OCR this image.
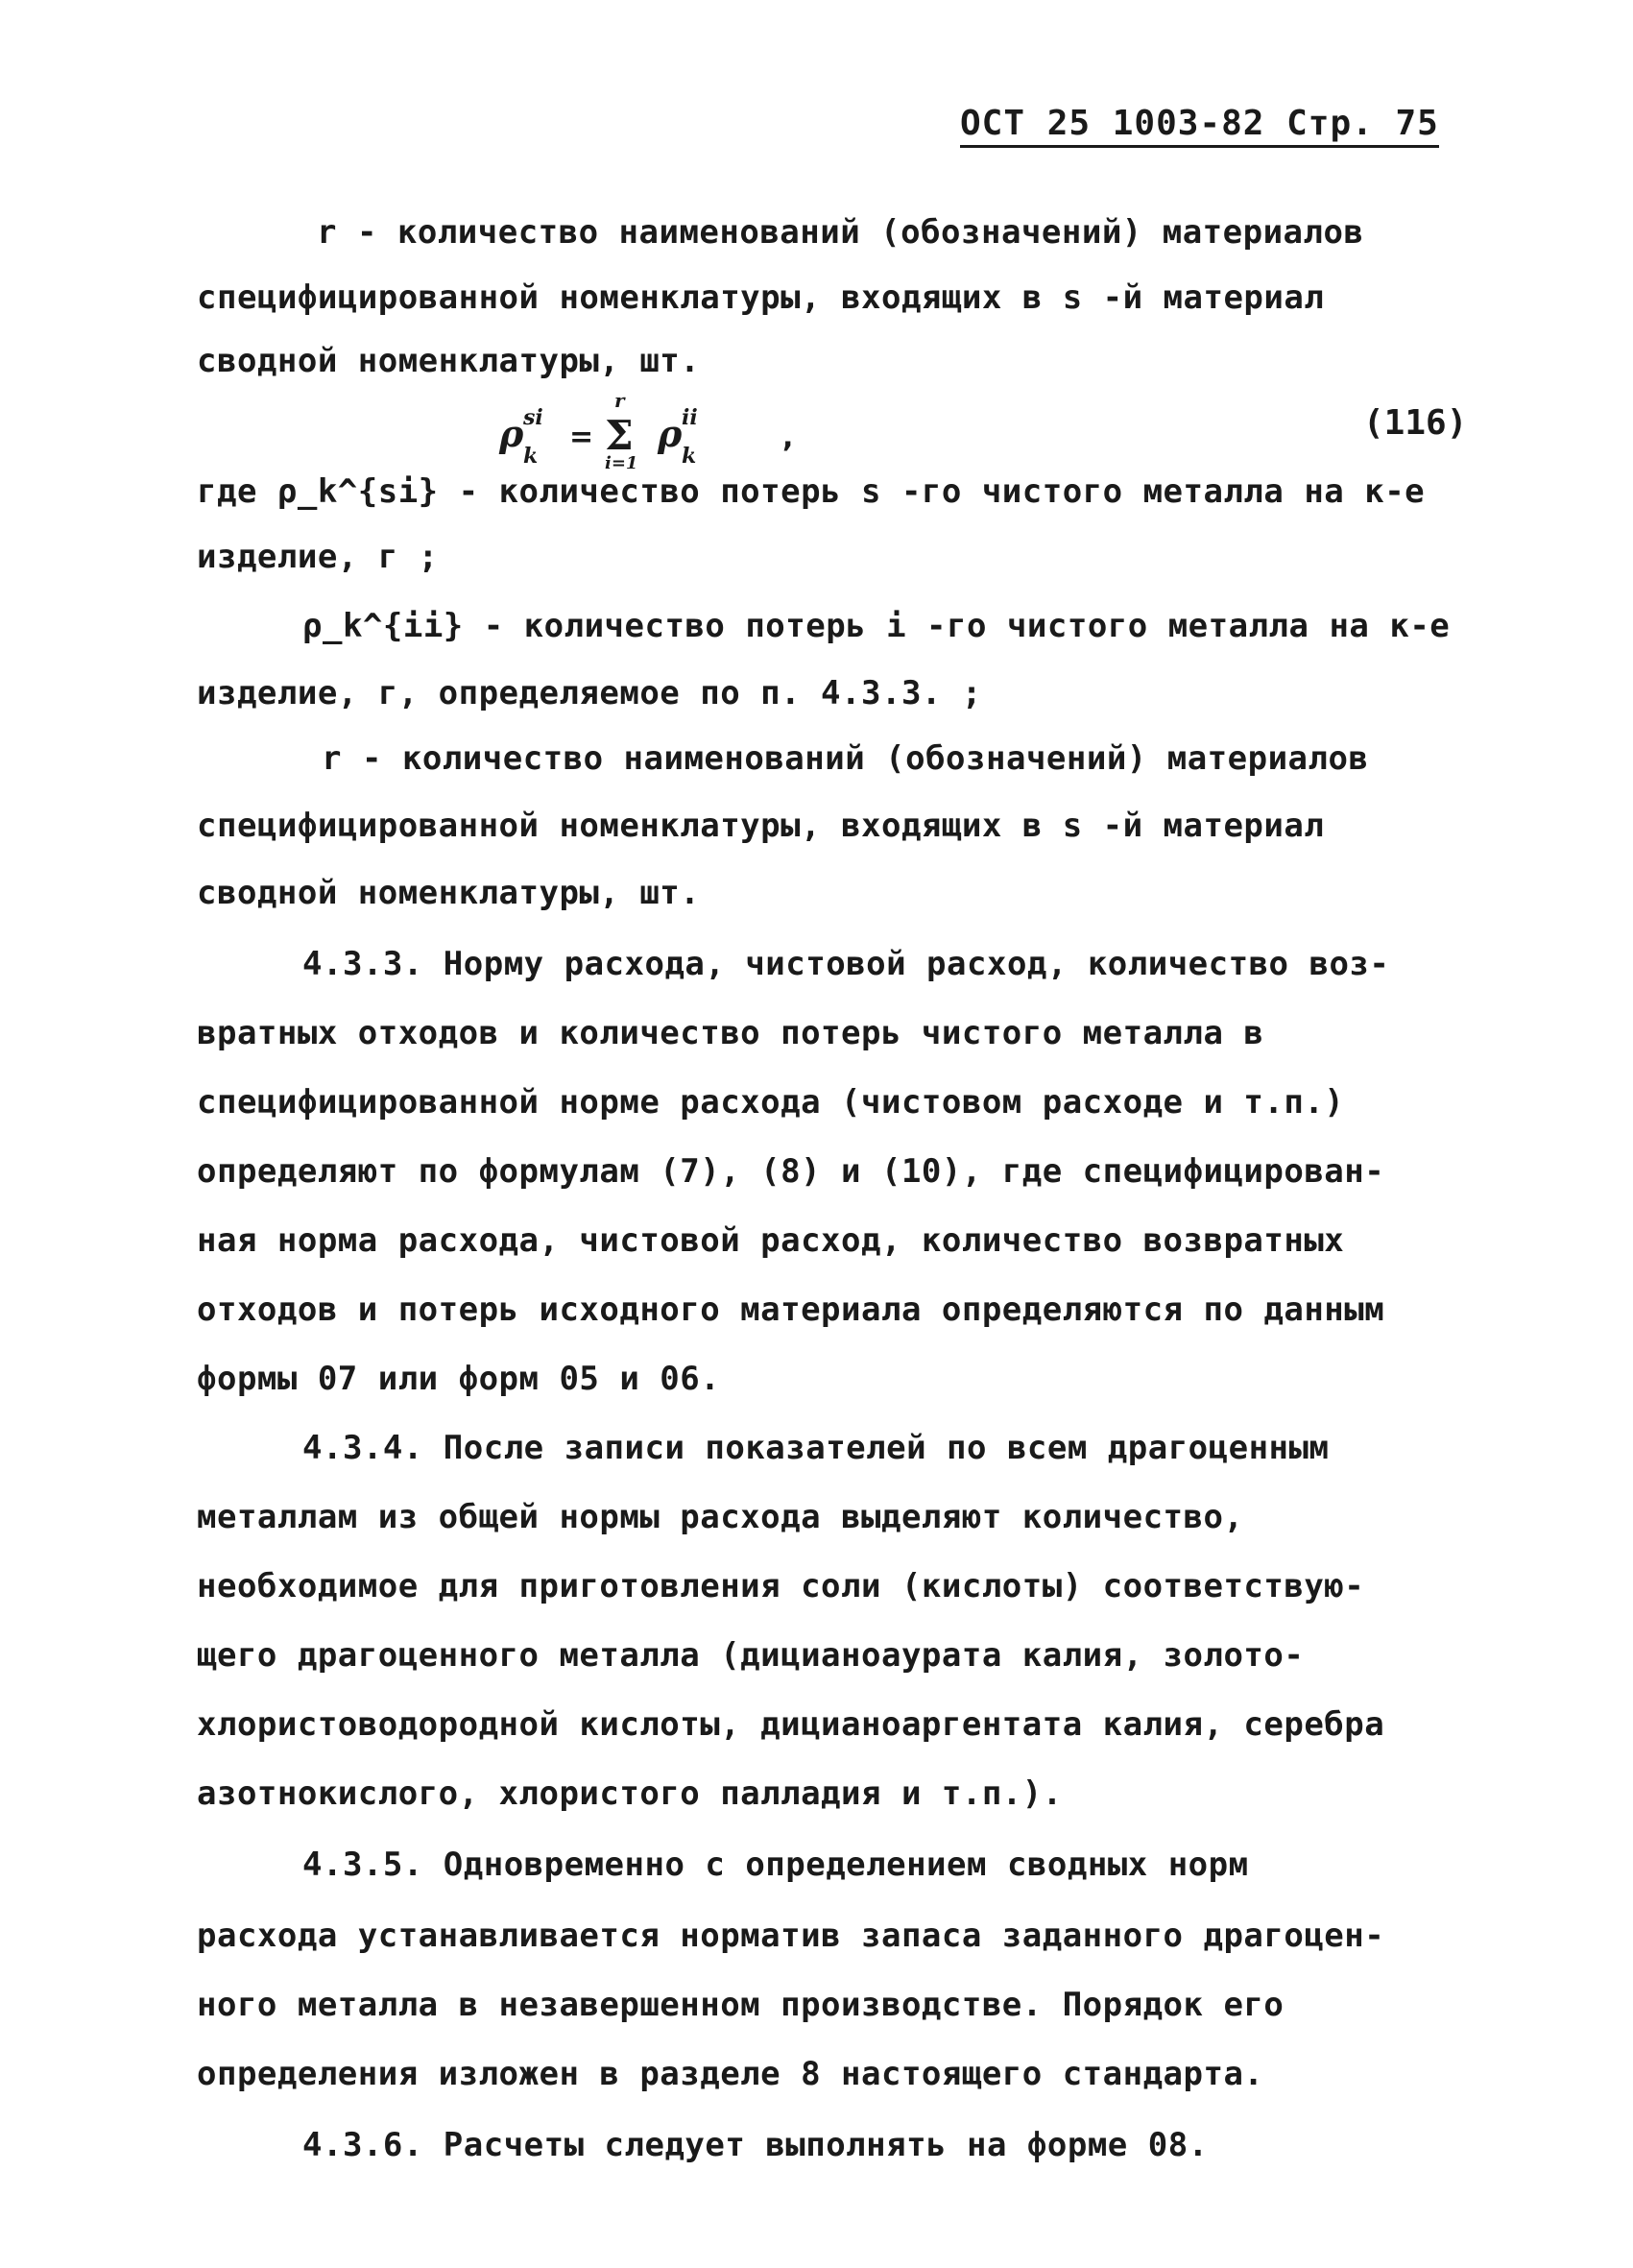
ОСТ 25 1003-82 Стр. 75
r - количество наименований (обозначений) материалов
специфицированной номенклатуры, входящих в s -й материал
сводной номенклатуры, шт.
ρ si
k
=
r
Σ
i=1
ρ ii
k
,	(116)
где ρ_k^{si} - количество потерь s -го чистого металла на к-е
изделие, г ;
ρ_k^{ii} - количество потерь i -го чистого металла на к-е
изделие, г, определяемое по п. 4.3.3. ;
r - количество наименований (обозначений) материалов
специфицированной номенклатуры, входящих в s -й материал
сводной номенклатуры, шт.
4.3.3. Норму расхода, чистовой расход, количество воз-
вратных отходов и количество потерь чистого металла в
специфицированной норме расхода (чистовом расходе и т.п.)
определяют по формулам (7), (8) и (10), где специфицирован-
ная норма расхода, чистовой расход, количество возвратных
отходов и потерь исходного материала определяются по данным
формы 07 или форм 05 и 06.
4.3.4. После записи показателей по всем драгоценным
металлам из общей нормы расхода выделяют количество,
необходимое для приготовления соли (кислоты) соответствую-
щего драгоценного металла (дицианоаурата калия, золото-
хлористоводородной кислоты, дицианоаргентата калия, серебра
азотнокислого, хлористого палладия и т.п.).
4.3.5. Одновременно с определением сводных норм
расхода устанавливается норматив запаса заданного драгоцен-
ного металла в незавершенном производстве. Порядок его
определения изложен в разделе 8 настоящего стандарта.
4.3.6. Расчеты следует выполнять на форме 08.
